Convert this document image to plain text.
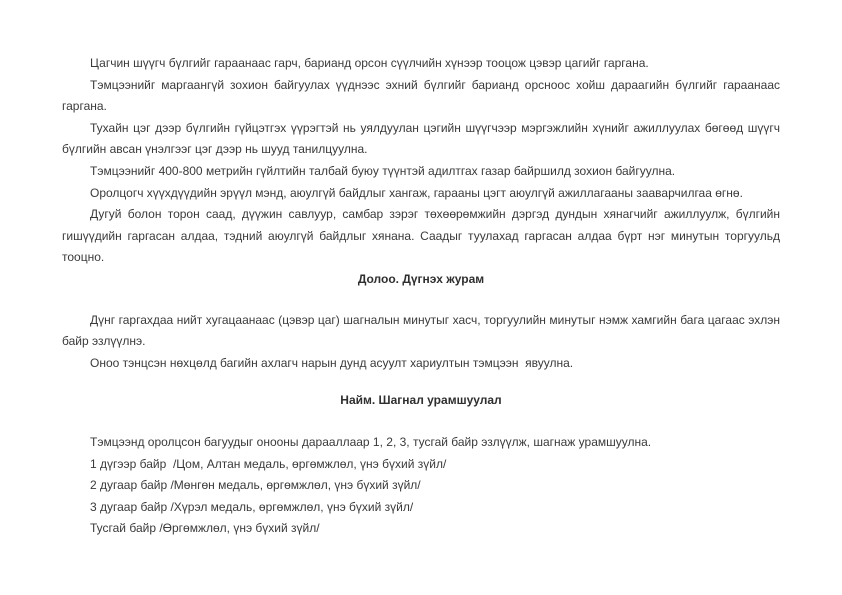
Цагчин шүүгч бүлгийг гараанаас гарч, барианд орсон сүүлчийн хүнээр тооцож цэвэр цагийг гаргана.

Тэмцээнийг маргаангүй зохион байгуулах үүднээс эхний бүлгийг барианд орсноос хойш дараагийн бүлгийг гараанаас гаргана.

Тухайн цэг дээр бүлгийн гүйцэтгэх үүрэгтэй нь уялдуулан цэгийн шүүгчээр мэргэжлийн хүнийг ажиллуулах бөгөөд шүүгч бүлгийн авсан үнэлгээг цэг дээр нь шууд танилцуулна.

Тэмцээнийг 400-800 метрийн гүйлтийн талбай буюу түүнтэй адилтгах газар байршилд зохион байгуулна.

Оролцогч хүүхдүүдийн эрүүл мэнд, аюулгүй байдлыг хангаж, гарааны цэгт аюулгүй ажиллагааны зааварчилгаа өгнө.

Дугуй болон торон саад, дүүжин савлуур, самбар зэрэг төхөөрөмжийн дэргэд дундын хянагчийг ажиллуулж, бүлгийн гишүүдийн гаргасан алдаа, тэдний аюулгүй байдлыг хянана. Саадыг туулахад гаргасан алдаа бүрт нэг минутын торгуульд тооцно.

Долоо. Дүгнэх журам

Дүнг гаргахдаа нийт хугацаанаас (цэвэр цаг) шагналын минутыг хасч, торгуулийн минутыг нэмж хамгийн бага цагаас эхлэн байр эзлүүлнэ.

Оноо тэнцсэн нөхцөлд багийн ахлагч нарын дунд асуулт хариултын тэмцээн  явуулна.

Найм. Шагнал урамшуулал

Тэмцээнд оролцсон багуудыг онооны дарааллаар 1, 2, 3, тусгай байр эзлүүлж, шагнаж урамшуулна.

1 дүгээр байр  /Цом, Алтан медаль, өргөмжлөл, үнэ бүхий зүйл/

2 дугаар байр /Мөнгөн медаль, өргөмжлөл, үнэ бүхий зүйл/

3 дугаар байр /Хүрэл медаль, өргөмжлөл, үнэ бүхий зүйл/

Тусгай байр /Өргөмжлөл, үнэ бүхий зүйл/
